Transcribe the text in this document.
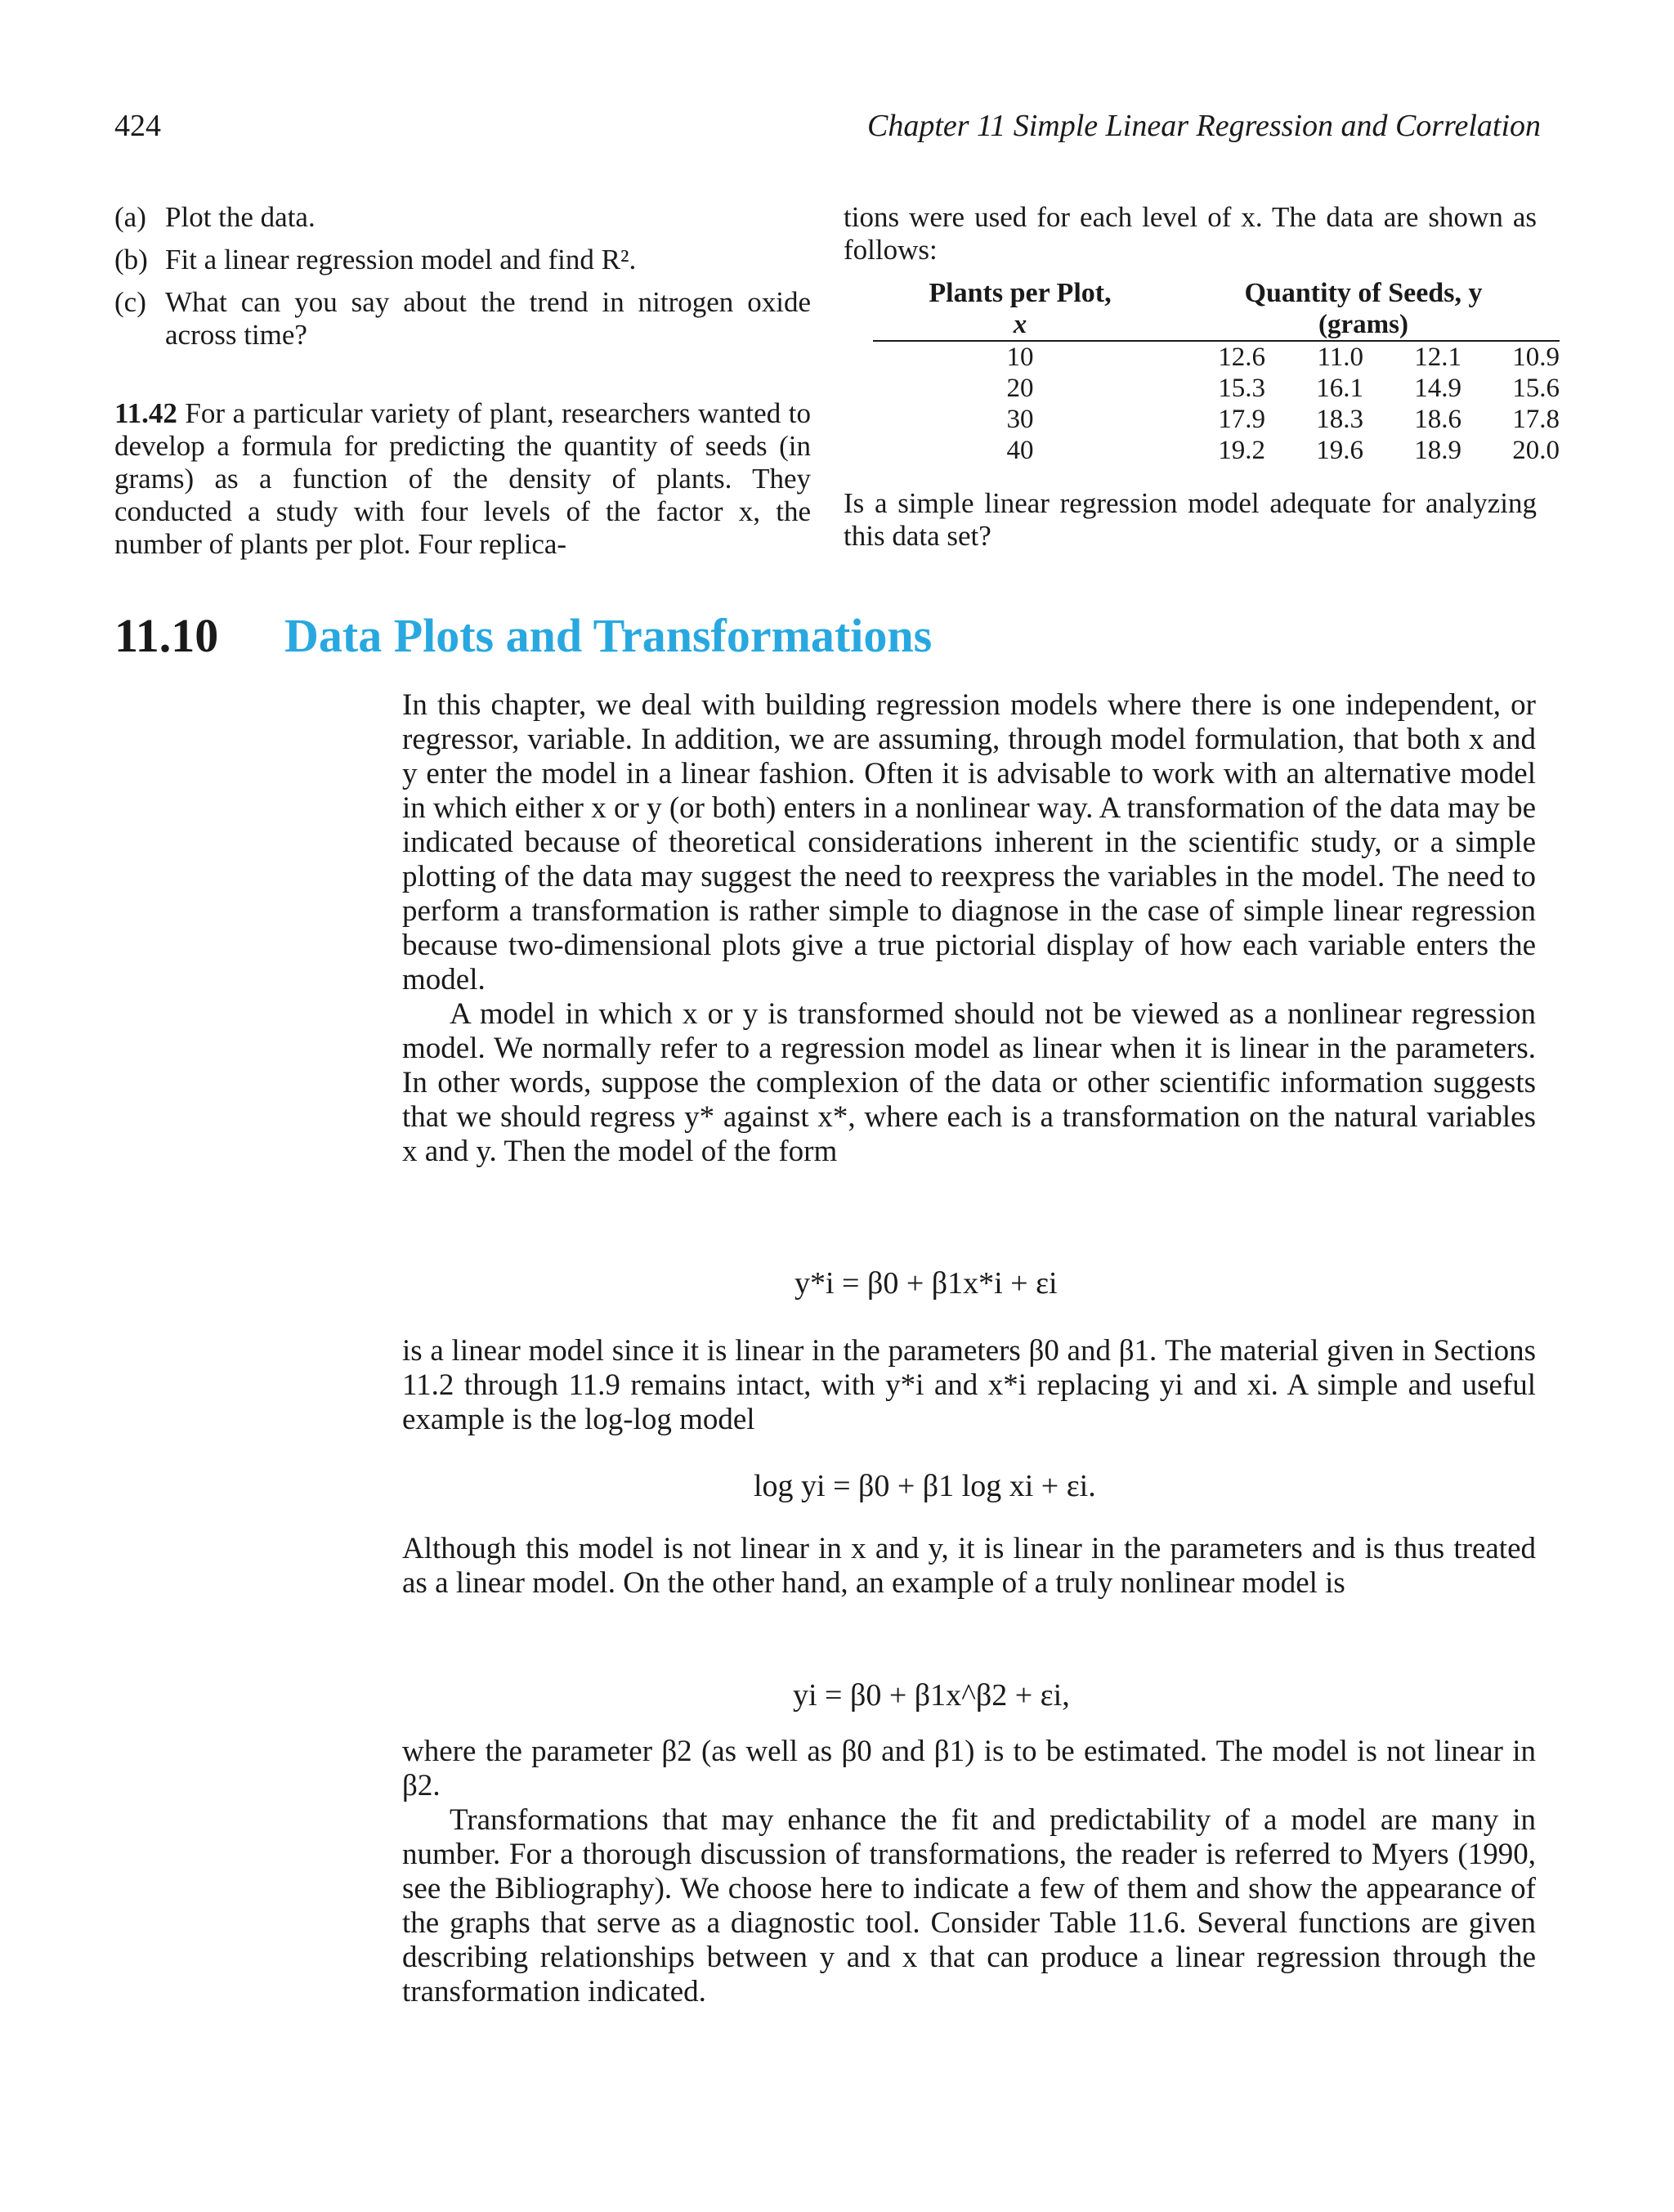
424	Chapter 11 Simple Linear Regression and Correlation
(a) Plot the data.
(b) Fit a linear regression model and find R².
(c) What can you say about the trend in nitrogen oxide across time?
11.42 For a particular variety of plant, researchers wanted to develop a formula for predicting the quantity of seeds (in grams) as a function of the density of plants. They conducted a study with four levels of the factor x, the number of plants per plot. Four replica-
tions were used for each level of x. The data are shown as follows:
Plants per Plot,	Quantity of Seeds, y			
x	(grams)			
10	12.6	11.0	12.1	10.9
20	15.3	16.1	14.9	15.6
30	17.9	18.3	18.6	17.8
40	19.2	19.6	18.9	20.0
Is a simple linear regression model adequate for analyzing this data set?
11.10 Data Plots and Transformations

In this chapter, we deal with building regression models where there is one independent, or regressor, variable. In addition, we are assuming, through model formulation, that both x and y enter the model in a linear fashion. Often it is advisable to work with an alternative model in which either x or y (or both) enters in a nonlinear way. A transformation of the data may be indicated because of theoretical considerations inherent in the scientific study, or a simple plotting of the data may suggest the need to reexpress the variables in the model. The need to perform a transformation is rather simple to diagnose in the case of simple linear regression because two-dimensional plots give a true pictorial display of how each variable enters the model.

A model in which x or y is transformed should not be viewed as a nonlinear regression model. We normally refer to a regression model as linear when it is linear in the parameters. In other words, suppose the complexion of the data or other scientific information suggests that we should regress y* against x*, where each is a transformation on the natural variables x and y. Then the model of the form

y*i = β0 + β1x*i + εi

is a linear model since it is linear in the parameters β0 and β1. The material given in Sections 11.2 through 11.9 remains intact, with y*i and x*i replacing yi and xi. A simple and useful example is the log-log model

log yi = β0 + β1 log xi + εi.

Although this model is not linear in x and y, it is linear in the parameters and is thus treated as a linear model. On the other hand, an example of a truly nonlinear model is

yi = β0 + β1x^β2 + εi,

where the parameter β2 (as well as β0 and β1) is to be estimated. The model is not linear in β2.

Transformations that may enhance the fit and predictability of a model are many in number. For a thorough discussion of transformations, the reader is referred to Myers (1990, see the Bibliography). We choose here to indicate a few of them and show the appearance of the graphs that serve as a diagnostic tool. Consider Table 11.6. Several functions are given describing relationships between y and x that can produce a linear regression through the transformation indicated.
